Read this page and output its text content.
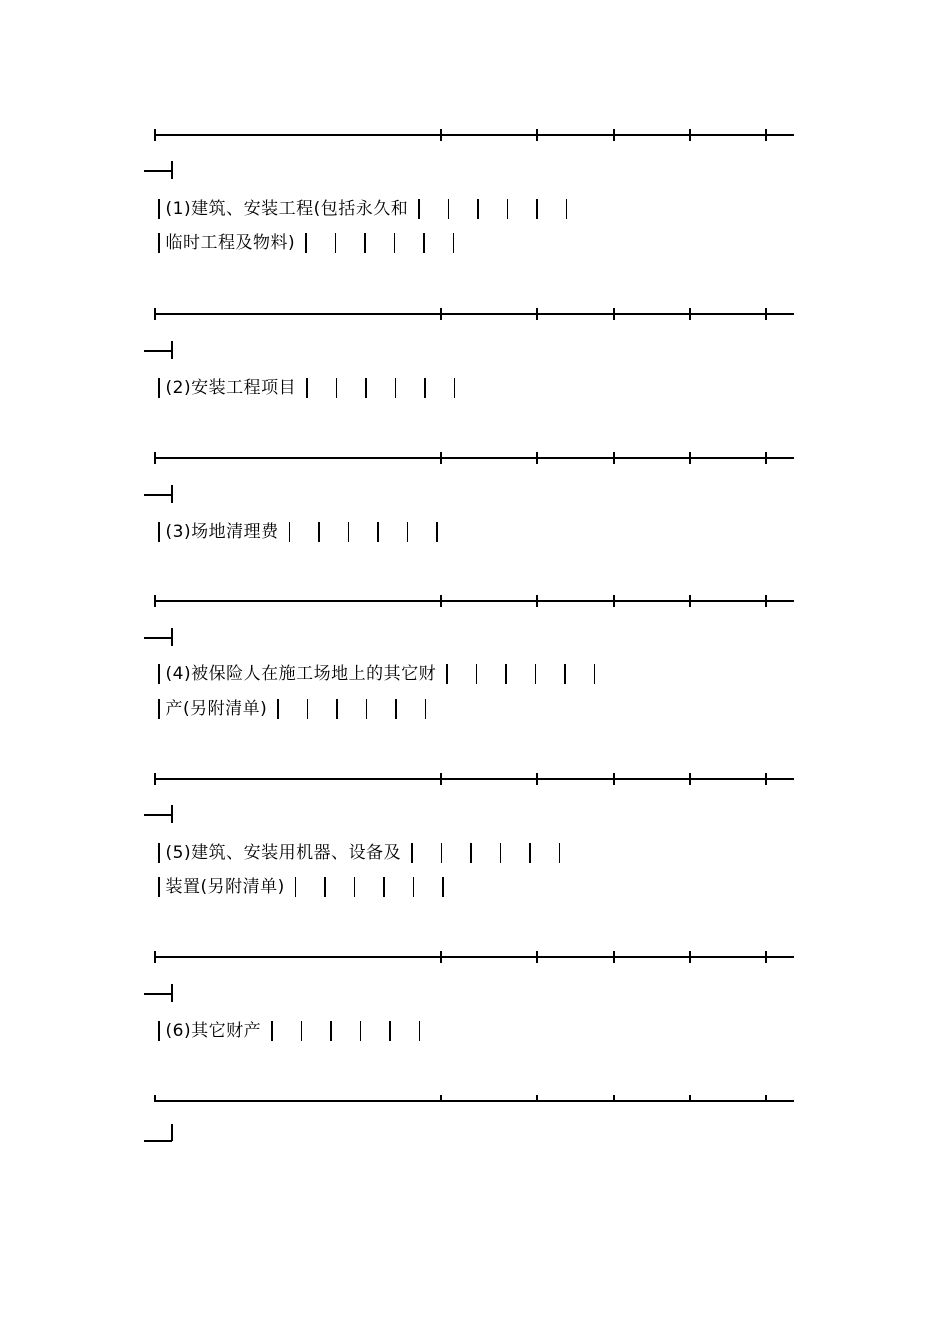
(1)建筑、安装工程(包括永久和
临时工程及物料)
(2)安装工程项目
(3)场地清理费
(4)被保险人在施工场地上的其它财
产(另附清单)
(5)建筑、安装用机器、设备及
装置(另附清单)
(6)其它财产
